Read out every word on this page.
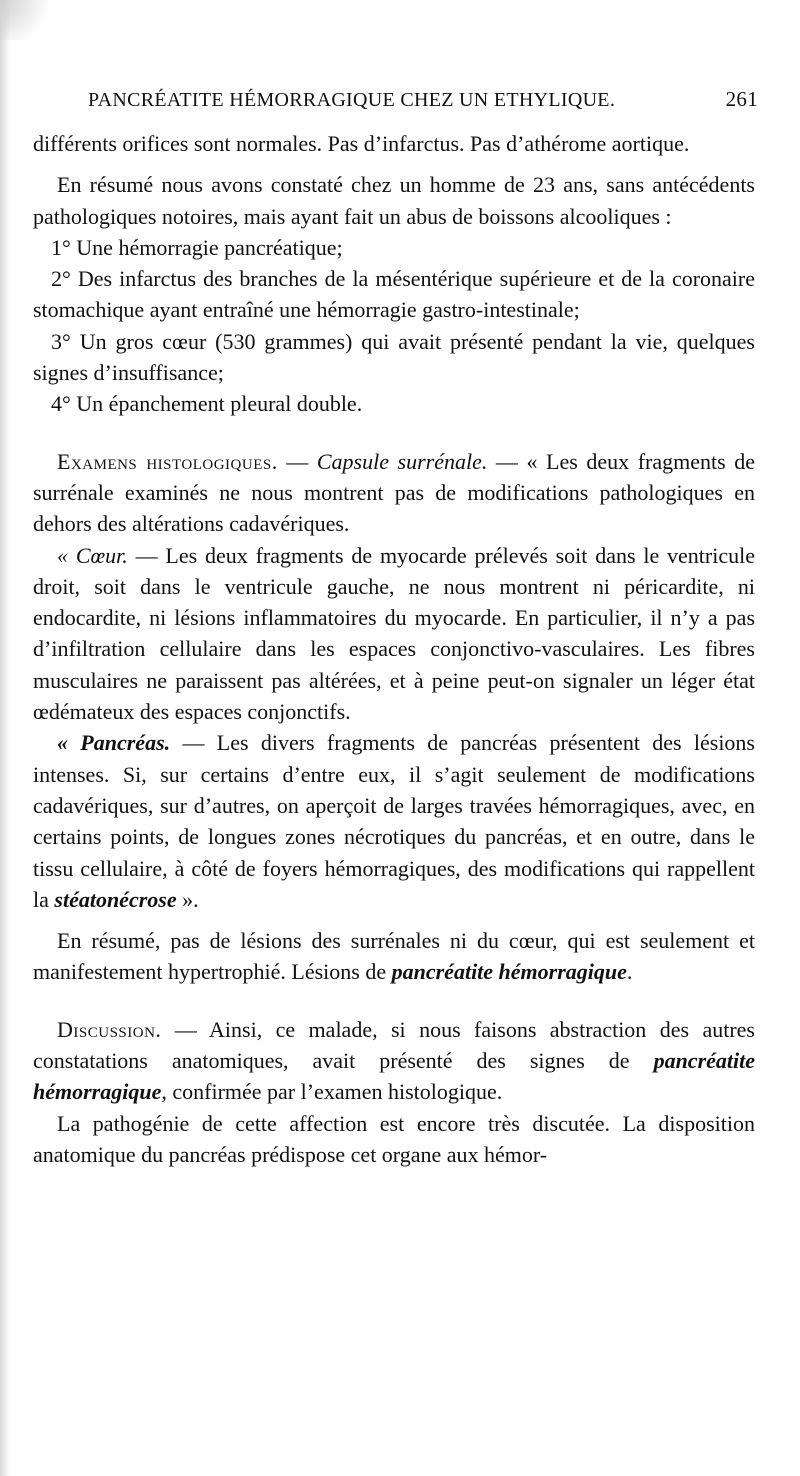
PANCRÉATITE HÉMORRAGIQUE CHEZ UN ETHYLIQUE.	261

différents orifices sont normales. Pas d’infarctus. Pas d’athérome aortique.

En résumé nous avons constaté chez un homme de 23 ans, sans antécédents pathologiques notoires, mais ayant fait un abus de boissons alcooliques :

1° Une hémorragie pancréatique;

2° Des infarctus des branches de la mésentérique supérieure et de la coronaire stomachique ayant entraîné une hémorragie gastro-intestinale;

3° Un gros cœur (530 grammes) qui avait présenté pendant la vie, quelques signes d’insuffisance;

4° Un épanchement pleural double.

Examens histologiques. — Capsule surrénale. — « Les deux fragments de surrénale examinés ne nous montrent pas de modifications pathologiques en dehors des altérations cadavériques.

« Cœur. — Les deux fragments de myocarde prélevés soit dans le ventricule droit, soit dans le ventricule gauche, ne nous montrent ni péricardite, ni endocardite, ni lésions inflammatoires du myocarde. En particulier, il n’y a pas d’infiltration cellulaire dans les espaces conjonctivo-vasculaires. Les fibres musculaires ne paraissent pas altérées, et à peine peut-on signaler un léger état œdémateux des espaces conjonctifs.

« Pancréas. — Les divers fragments de pancréas présentent des lésions intenses. Si, sur certains d’entre eux, il s’agit seulement de modifications cadavériques, sur d’autres, on aperçoit de larges travées hémorragiques, avec, en certains points, de longues zones nécrotiques du pancréas, et en outre, dans le tissu cellulaire, à côté de foyers hémorragiques, des modifications qui rappellent la stéatonécrose ».

En résumé, pas de lésions des surrénales ni du cœur, qui est seulement et manifestement hypertrophié. Lésions de pancréatite hémorragique.

Discussion. — Ainsi, ce malade, si nous faisons abstraction des autres constatations anatomiques, avait présenté des signes de pancréatite hémorragique, confirmée par l’examen histologique.

La pathogénie de cette affection est encore très discutée. La disposition anatomique du pancréas prédispose cet organe aux hémor-
